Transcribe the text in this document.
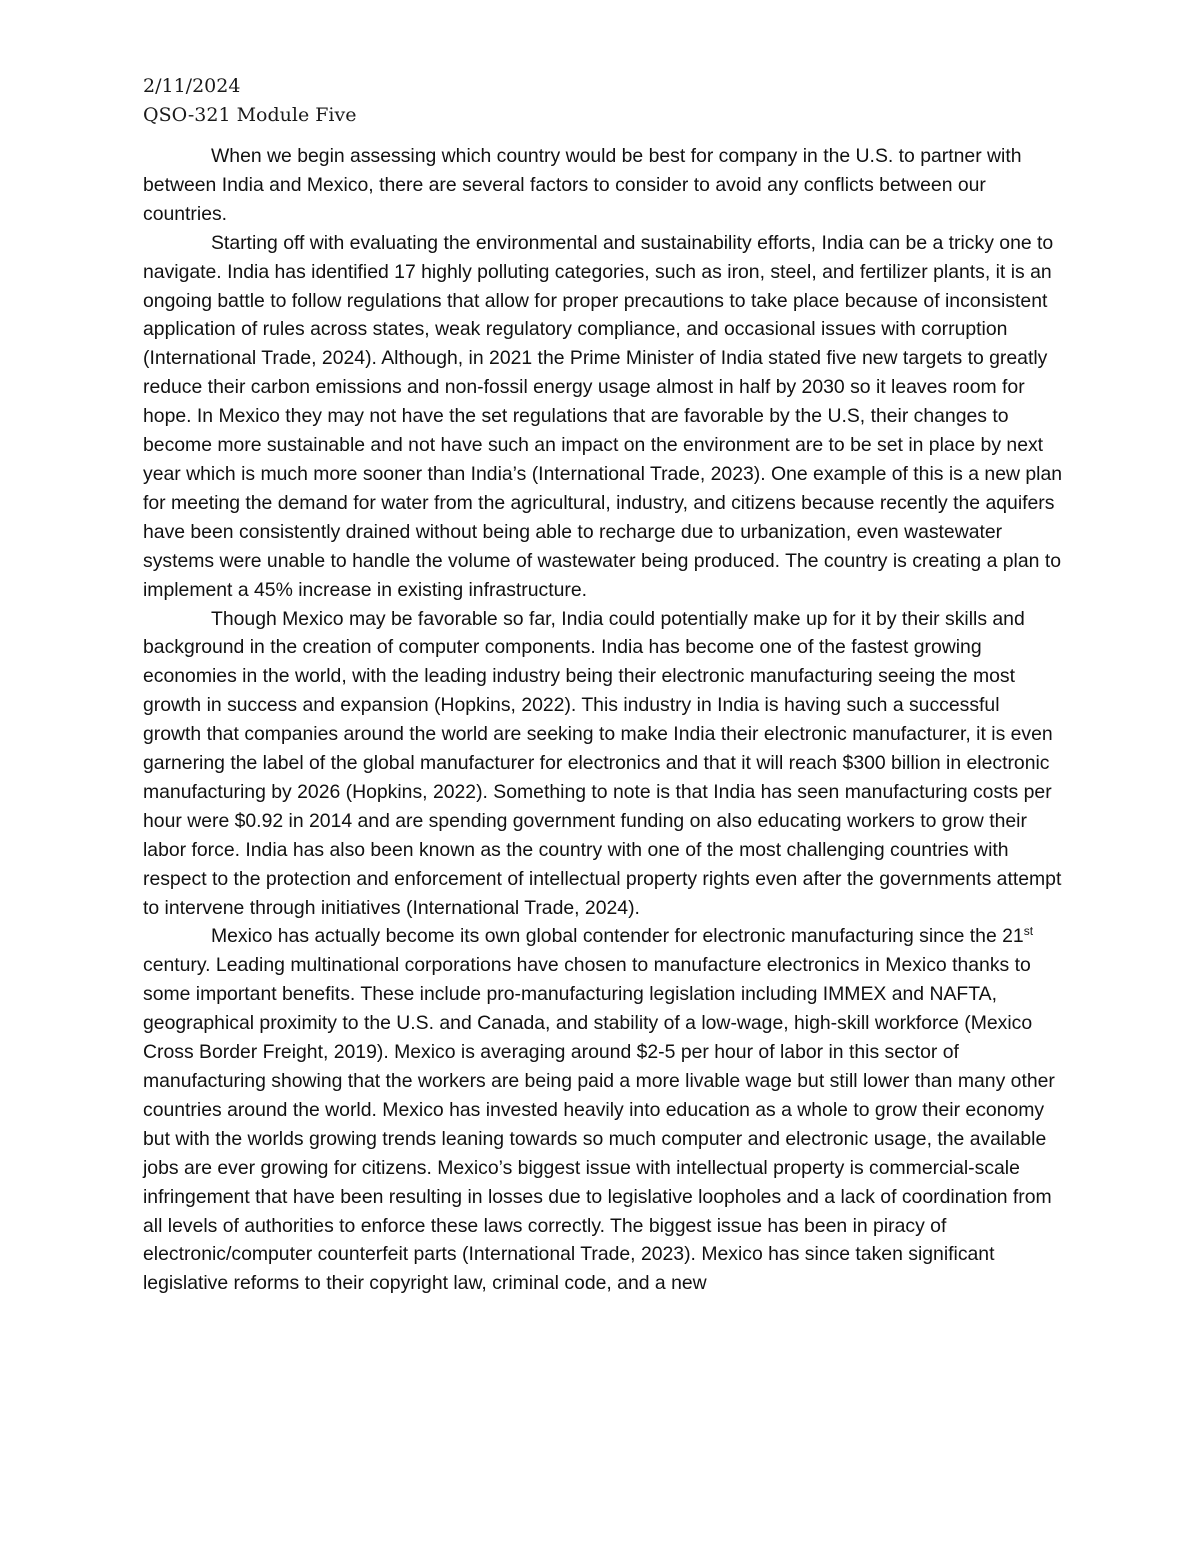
2/11/2024
QSO-321 Module Five

When we begin assessing which country would be best for company in the U.S. to partner with between India and Mexico, there are several factors to consider to avoid any conflicts between our countries.

Starting off with evaluating the environmental and sustainability efforts, India can be a tricky one to navigate. India has identified 17 highly polluting categories, such as iron, steel, and fertilizer plants, it is an ongoing battle to follow regulations that allow for proper precautions to take place because of inconsistent application of rules across states, weak regulatory compliance, and occasional issues with corruption (International Trade, 2024). Although, in 2021 the Prime Minister of India stated five new targets to greatly reduce their carbon emissions and non-fossil energy usage almost in half by 2030 so it leaves room for hope. In Mexico they may not have the set regulations that are favorable by the U.S, their changes to become more sustainable and not have such an impact on the environment are to be set in place by next year which is much more sooner than India’s (International Trade, 2023). One example of this is a new plan for meeting the demand for water from the agricultural, industry, and citizens because recently the aquifers have been consistently drained without being able to recharge due to urbanization, even wastewater systems were unable to handle the volume of wastewater being produced. The country is creating a plan to implement a 45% increase in existing infrastructure.

Though Mexico may be favorable so far, India could potentially make up for it by their skills and background in the creation of computer components. India has become one of the fastest growing economies in the world, with the leading industry being their electronic manufacturing seeing the most growth in success and expansion (Hopkins, 2022). This industry in India is having such a successful growth that companies around the world are seeking to make India their electronic manufacturer, it is even garnering the label of the global manufacturer for electronics and that it will reach $300 billion in electronic manufacturing by 2026 (Hopkins, 2022). Something to note is that India has seen manufacturing costs per hour were $0.92 in 2014 and are spending government funding on also educating workers to grow their labor force. India has also been known as the country with one of the most challenging countries with respect to the protection and enforcement of intellectual property rights even after the governments attempt to intervene through initiatives (International Trade, 2024).

Mexico has actually become its own global contender for electronic manufacturing since the 21st century. Leading multinational corporations have chosen to manufacture electronics in Mexico thanks to some important benefits. These include pro-manufacturing legislation including IMMEX and NAFTA, geographical proximity to the U.S. and Canada, and stability of a low-wage, high-skill workforce (Mexico Cross Border Freight, 2019). Mexico is averaging around $2-5 per hour of labor in this sector of manufacturing showing that the workers are being paid a more livable wage but still lower than many other countries around the world. Mexico has invested heavily into education as a whole to grow their economy but with the worlds growing trends leaning towards so much computer and electronic usage, the available jobs are ever growing for citizens. Mexico’s biggest issue with intellectual property is commercial-scale infringement that have been resulting in losses due to legislative loopholes and a lack of coordination from all levels of authorities to enforce these laws correctly. The biggest issue has been in piracy of electronic/computer counterfeit parts (International Trade, 2023). Mexico has since taken significant legislative reforms to their copyright law, criminal code, and a new
